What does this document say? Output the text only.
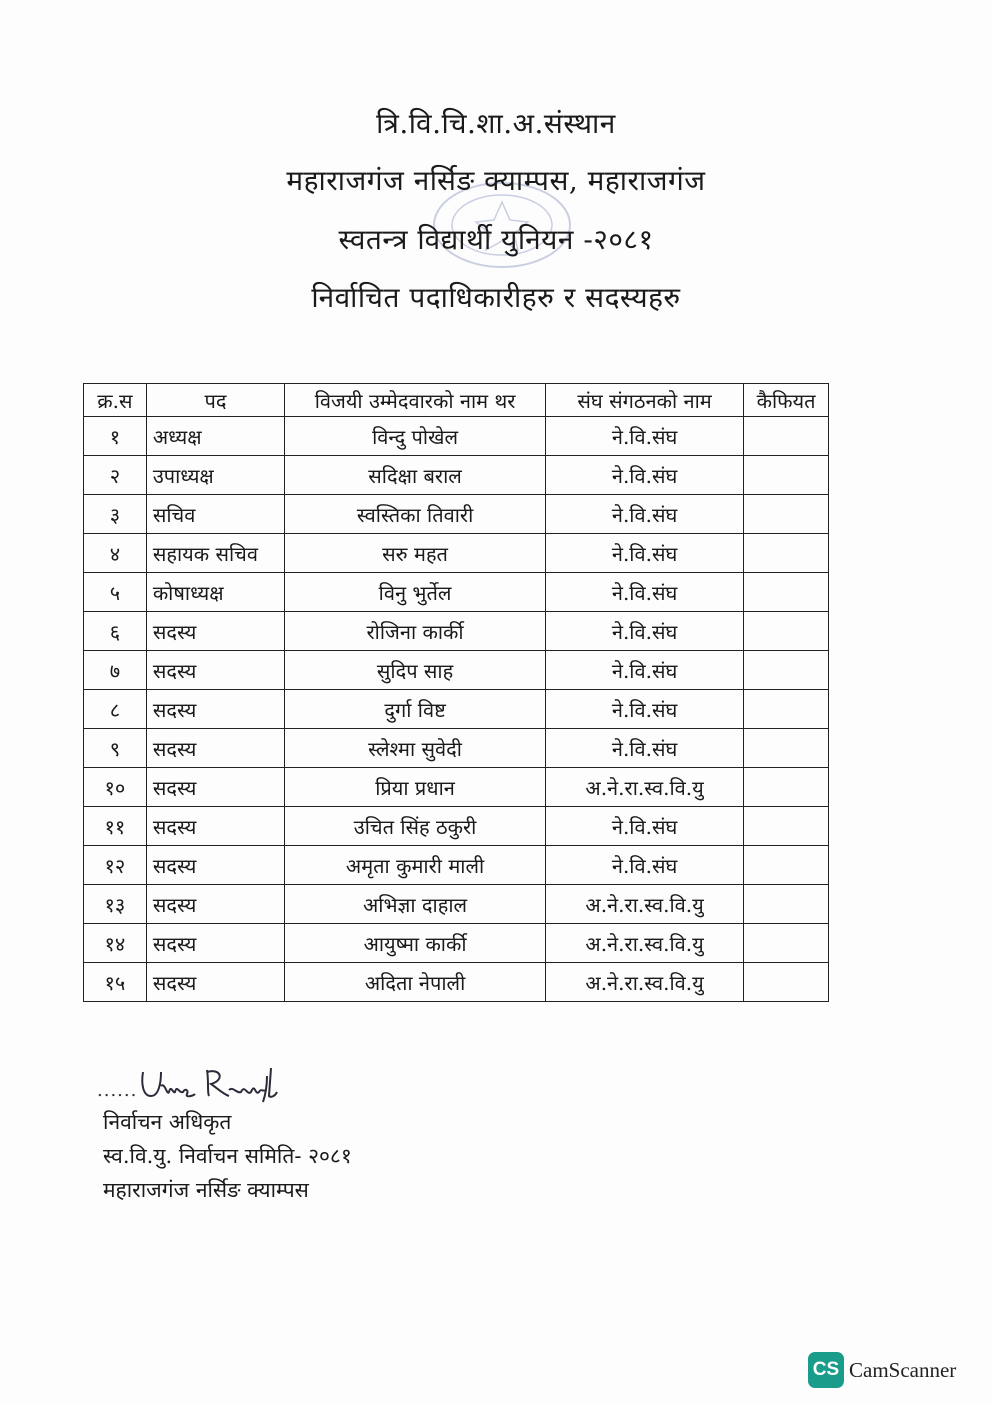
त्रि.वि.चि.शा.अ.संस्थान
महाराजगंज नर्सिङ क्याम्पस, महाराजगंज
स्वतन्त्र विद्यार्थी युनियन -२०८१
निर्वाचित पदाधिकारीहरु र सदस्यहरु
क्र.स	पद	विजयी उम्मेदवारको नाम थर	संघ संगठनको नाम	कैफियत
१	अध्यक्ष	विन्दु पोखेल	ने.वि.संघ	
२	उपाध्यक्ष	सदिक्षा बराल	ने.वि.संघ	
३	सचिव	स्वस्तिका तिवारी	ने.वि.संघ	
४	सहायक सचिव	सरु महत	ने.वि.संघ	
५	कोषाध्यक्ष	विनु भुर्तेल	ने.वि.संघ	
६	सदस्य	रोजिना कार्की	ने.वि.संघ	
७	सदस्य	सुदिप साह	ने.वि.संघ	
८	सदस्य	दुर्गा विष्ट	ने.वि.संघ	
९	सदस्य	स्लेश्मा सुवेदी	ने.वि.संघ	
१०	सदस्य	प्रिया प्रधान	अ.ने.रा.स्व.वि.यु	
११	सदस्य	उचित सिंह ठकुरी	ने.वि.संघ	
१२	सदस्य	अमृता कुमारी माली	ने.वि.संघ	
१३	सदस्य	अभिज्ञा दाहाल	अ.ने.रा.स्व.वि.यु	
१४	सदस्य	आयुष्मा कार्की	अ.ने.रा.स्व.वि.यु	
१५	सदस्य	अदिता नेपाली	अ.ने.रा.स्व.वि.यु	
......
निर्वाचन अधिकृत
स्व.वि.यु. निर्वाचन समिति- २०८१
महाराजगंज नर्सिङ क्याम्पस
CS CamScanner
